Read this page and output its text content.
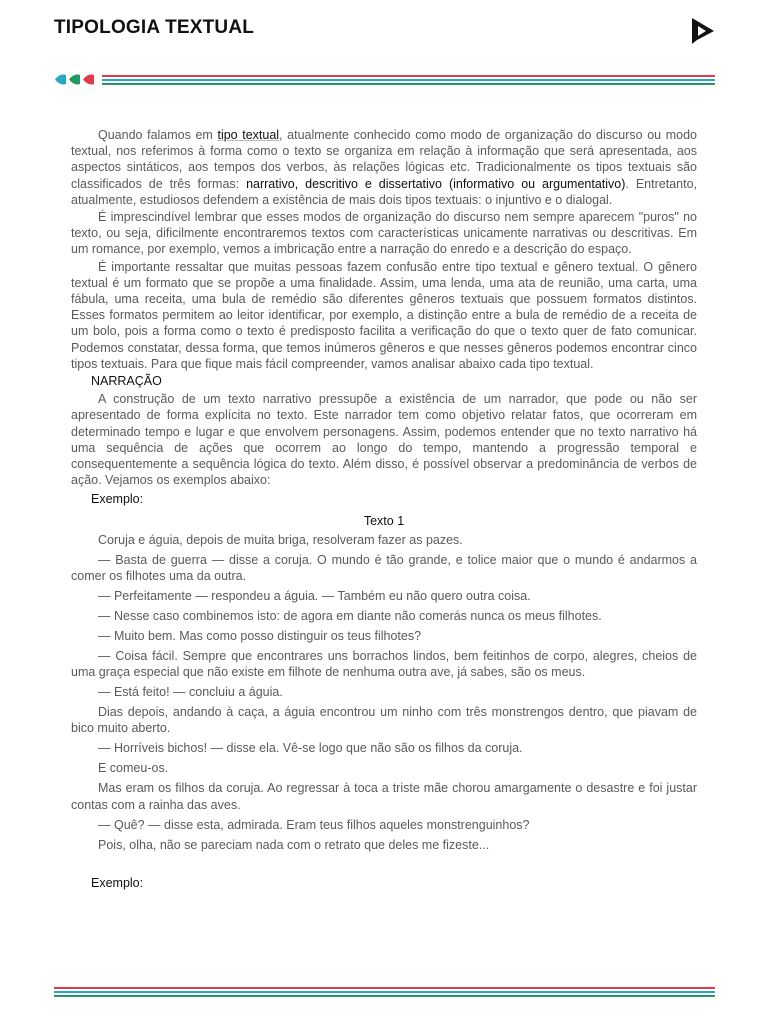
TIPOLOGIA TEXTUAL

Quando falamos em tipo textual, atualmente conhecido como modo de organização do discurso ou modo textual, nos referimos à forma como o texto se organiza em relação à informação que será apresentada, aos aspectos sintáticos, aos tempos dos verbos, às relações lógicas etc. Tradicionalmente os tipos textuais são classificados de três formas: narrativo, descritivo e dissertativo (informativo ou argumentativo). Entretanto, atualmente, estudiosos defendem a existência de mais dois tipos textuais: o injuntivo e o dialogal.

É imprescindível lembrar que esses modos de organização do discurso nem sempre aparecem "puros" no texto, ou seja, dificilmente encontraremos textos com características unicamente narrativas ou descritivas. Em um romance, por exemplo, vemos a imbricação entre a narração do enredo e a descrição do espaço.

É importante ressaltar que muitas pessoas fazem confusão entre tipo textual e gênero textual. O gênero textual é um formato que se propõe a uma finalidade. Assim, uma lenda, uma ata de reunião, uma carta, uma fábula, uma receita, uma bula de remédio são diferentes gêneros textuais que possuem formatos distintos. Esses formatos permitem ao leitor identificar, por exemplo, a distinção entre a bula de remédio de a receita de um bolo, pois a forma como o texto é predisposto facilita a verificação do que o texto quer de fato comunicar. Podemos constatar, dessa forma, que temos inúmeros gêneros e que nesses gêneros podemos encontrar cinco tipos textuais. Para que fique mais fácil compreender, vamos analisar abaixo cada tipo textual.

NARRAÇÃO

A construção de um texto narrativo pressupõe a existência de um narrador, que pode ou não ser apresentado de forma explícita no texto. Este narrador tem como objetivo relatar fatos, que ocorreram em determinado tempo e lugar e que envolvem personagens. Assim, podemos entender que no texto narrativo há uma sequência de ações que ocorrem ao longo do tempo, mantendo a progressão temporal e consequentemente a sequência lógica do texto. Além disso, é possível observar a predominância de verbos de ação. Vejamos os exemplos abaixo:

Exemplo:
Texto 1

Coruja e águia, depois de muita briga, resolveram fazer as pazes.

— Basta de guerra — disse a coruja. O mundo é tão grande, e tolice maior que o mundo é andarmos a comer os filhotes uma da outra.

— Perfeitamente — respondeu a águia. — Também eu não quero outra coisa.

— Nesse caso combinemos isto: de agora em diante não comerás nunca os meus filhotes.

— Muito bem. Mas como posso distinguir os teus filhotes?

— Coisa fácil. Sempre que encontrares uns borrachos lindos, bem feitinhos de corpo, alegres, cheios de uma graça especial que não existe em filhote de nenhuma outra ave, já sabes, são os meus.

— Está feito! — concluiu a águia.

Dias depois, andando à caça, a águia encontrou um ninho com três monstrengos dentro, que piavam de bico muito aberto.

— Horríveis bichos! — disse ela. Vê-se logo que não são os filhos da coruja.

E comeu-os.

Mas eram os filhos da coruja. Ao regressar à toca a triste mãe chorou amargamente o desastre e foi justar contas com a rainha das aves.

— Quê? — disse esta, admirada. Eram teus filhos aqueles monstrenguinhos?

Pois, olha, não se pareciam nada com o retrato que deles me fizeste...

Exemplo:
